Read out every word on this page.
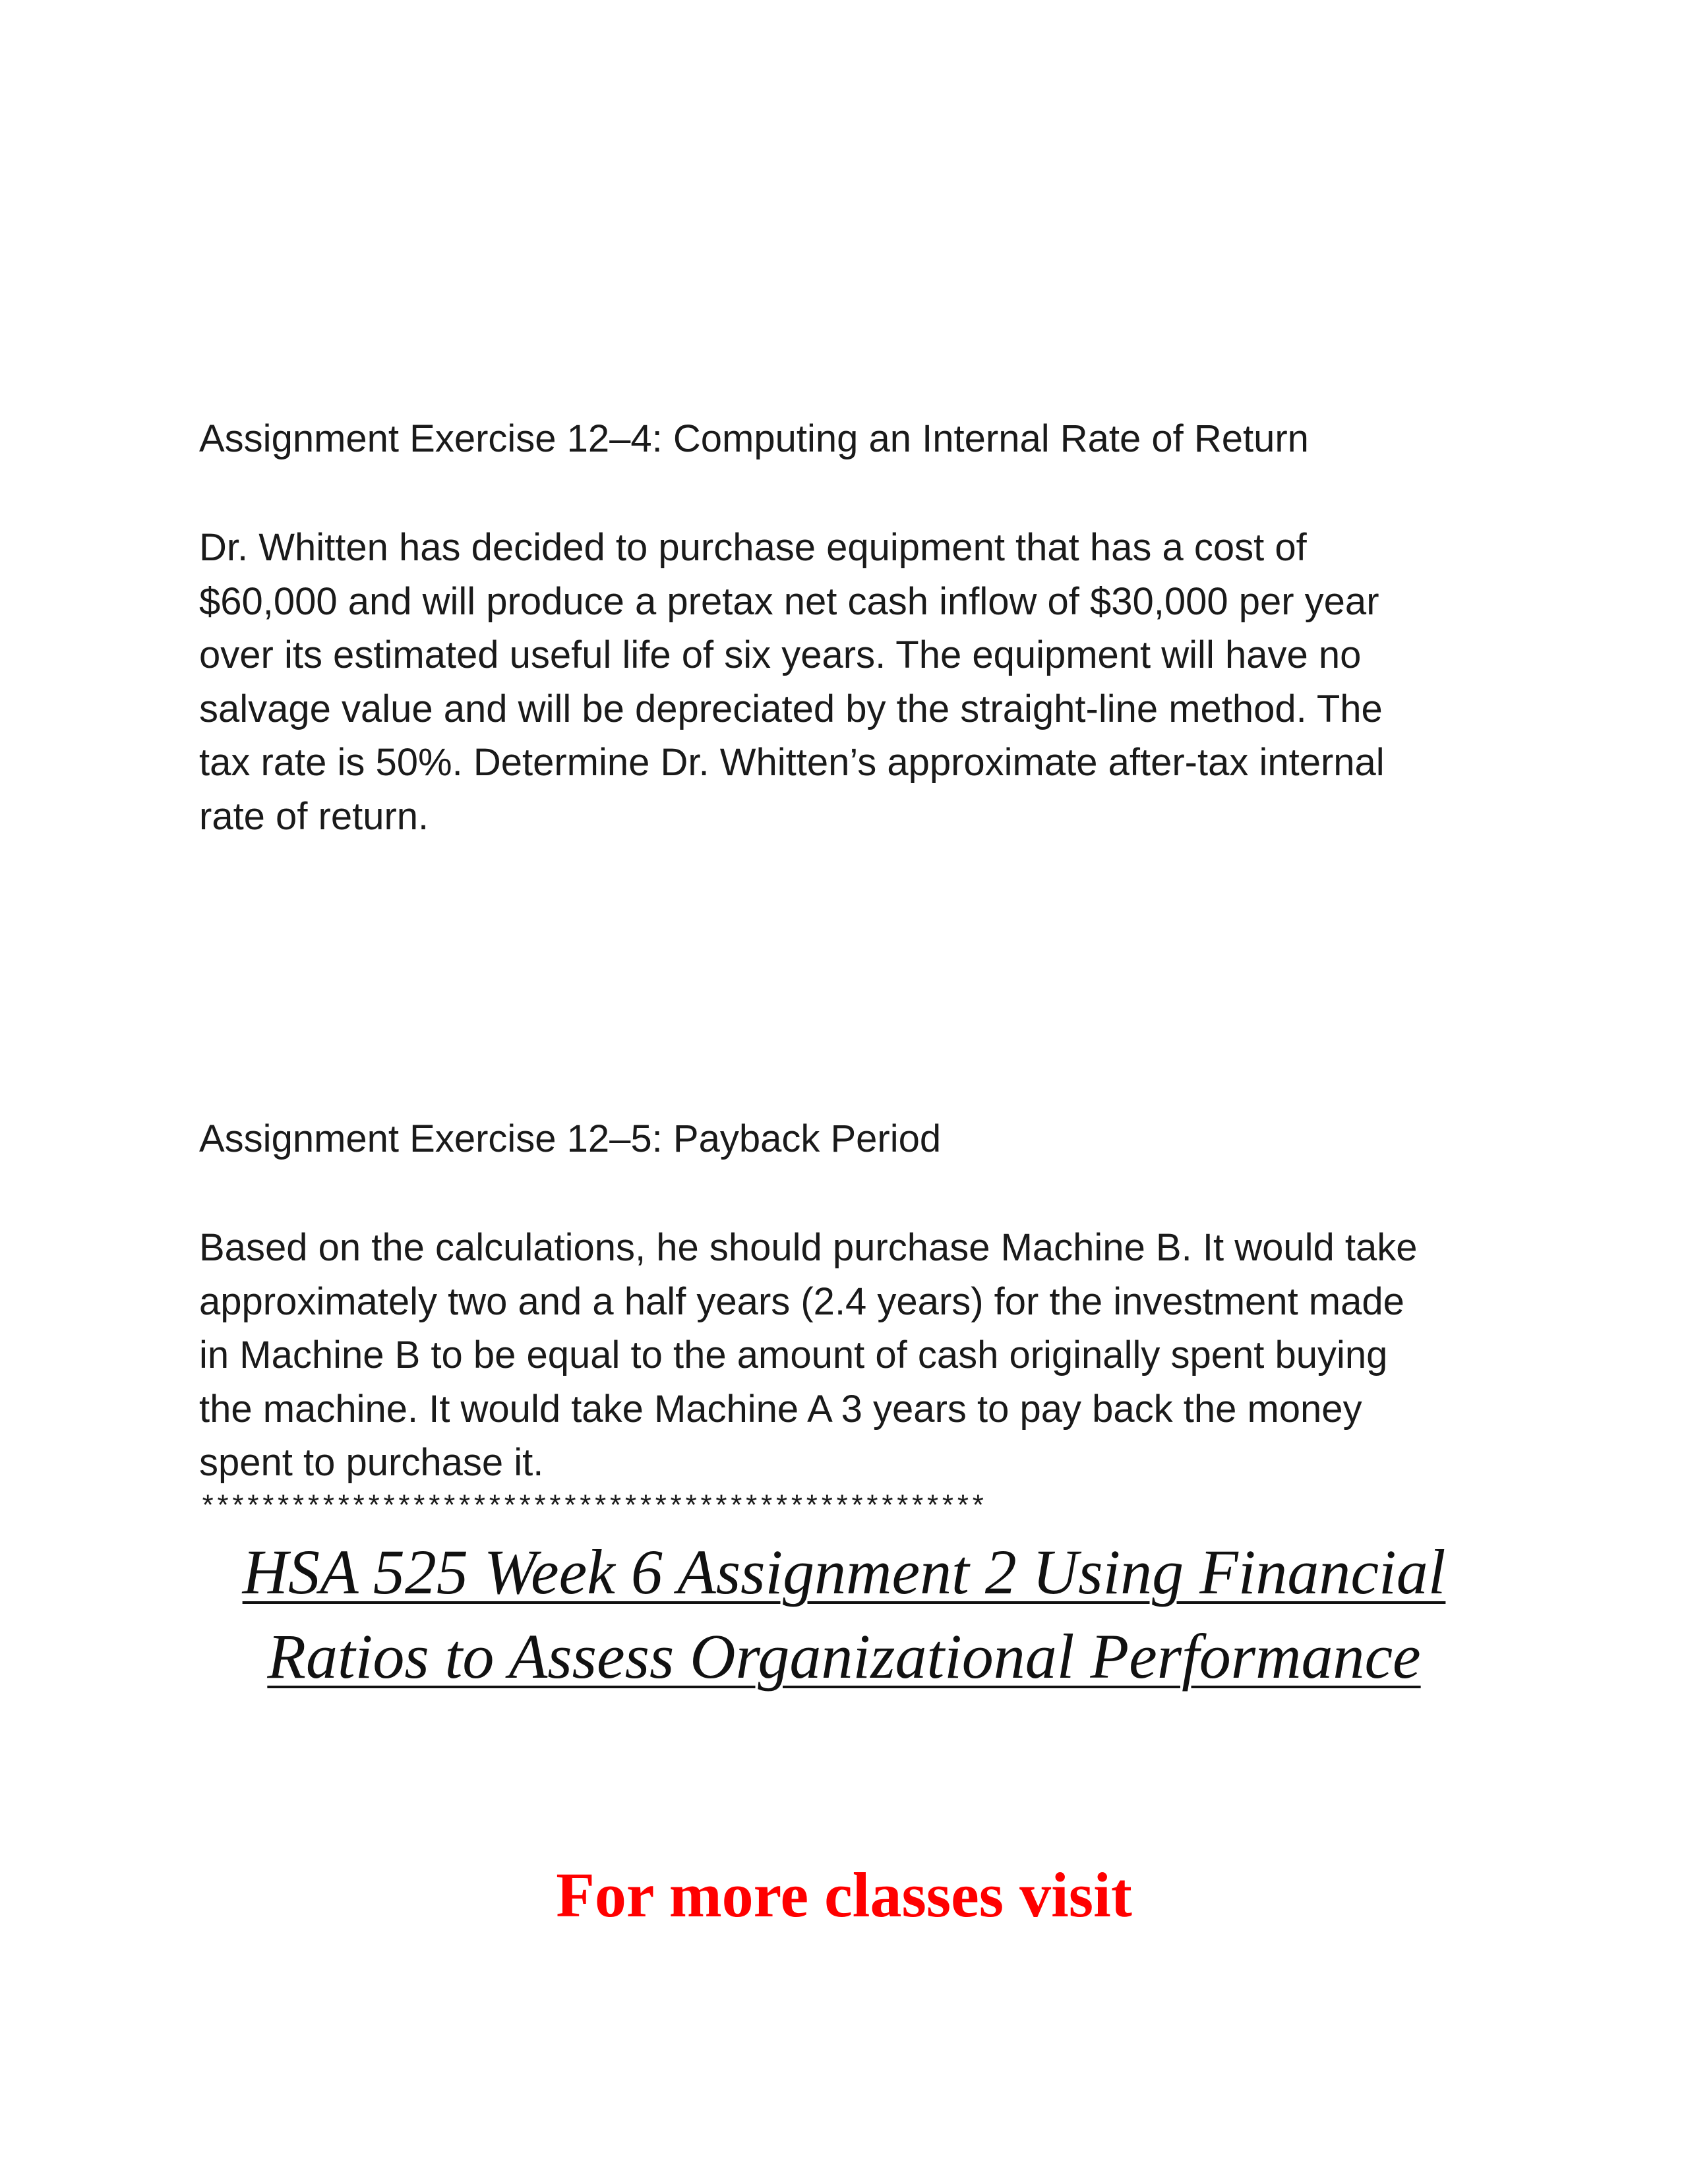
Assignment Exercise 12–4: Computing an Internal Rate of Return

Dr. Whitten has decided to purchase equipment that has a cost of
$60,000 and will produce a pretax net cash inflow of $30,000 per year
over its estimated useful life of six years. The equipment will have no
salvage value and will be depreciated by the straight-line method. The
tax rate is 50%. Determine Dr. Whitten’s approximate after-tax internal
rate of return.

Assignment Exercise 12–5: Payback Period

Based on the calculations, he should purchase Machine B. It would take
approximately two and a half years (2.4 years) for the investment made
in Machine B to be equal to the amount of cash originally spent buying
the machine. It would take Machine A 3 years to pay back the money
spent to purchase it.

****************************************************
HSA 525 Week 6 Assignment 2 Using Financial
Ratios to Assess Organizational Performance
For more classes visit
